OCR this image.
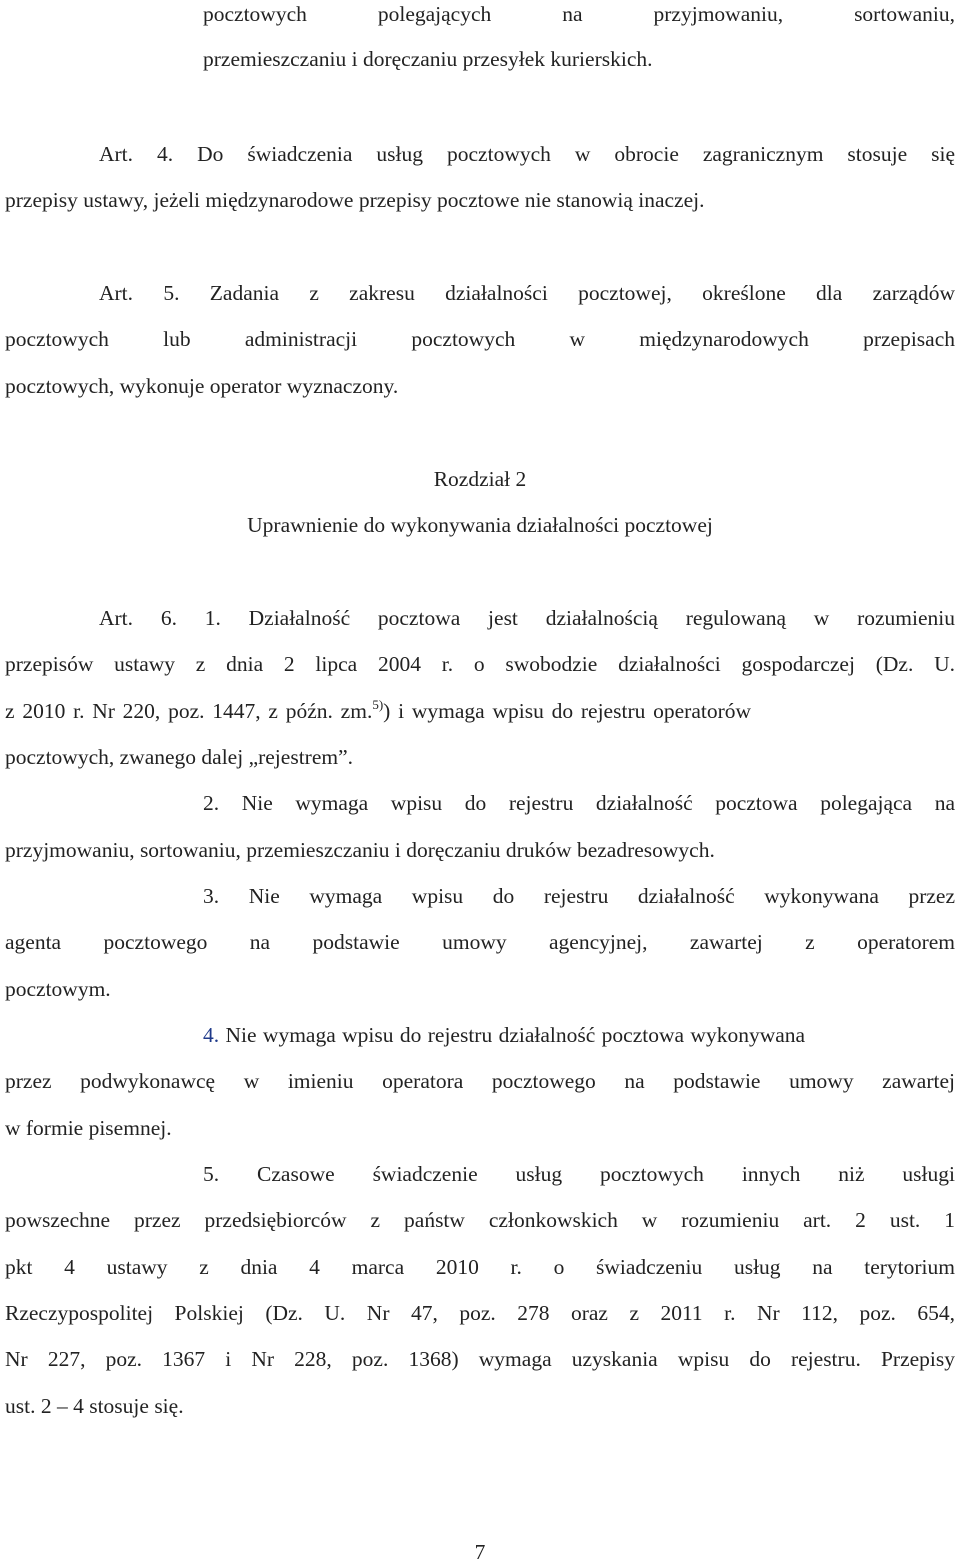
pocztowych polegających na przyjmowaniu, sortowaniu,
przemieszczaniu i doręczaniu przesyłek kurierskich.
Art. 4. Do świadczenia usług pocztowych w obrocie zagranicznym stosuje się
przepisy ustawy, jeżeli międzynarodowe przepisy pocztowe nie stanowią inaczej.
Art. 5. Zadania z zakresu działalności pocztowej, określone dla zarządów
pocztowych lub administracji pocztowych w międzynarodowych przepisach
pocztowych, wykonuje operator wyznaczony.
Rozdział 2
Uprawnienie do wykonywania działalności pocztowej
Art. 6. 1. Działalność pocztowa jest działalnością regulowaną w rozumieniu
przepisów ustawy z dnia 2 lipca 2004 r. o swobodzie działalności gospodarczej (Dz. U.
z 2010 r. Nr 220, poz. 1447, z późn. zm.$^{5)}$) i wymaga wpisu do rejestru operatorów
pocztowych, zwanego dalej „rejestrem”.
2. Nie wymaga wpisu do rejestru działalność pocztowa polegająca na
przyjmowaniu, sortowaniu, przemieszczaniu i doręczaniu druków bezadresowych.
3. Nie wymaga wpisu do rejestru działalność wykonywana przez
agenta pocztowego na podstawie umowy agencyjnej, zawartej z operatorem
pocztowym.
4. Nie wymaga wpisu do rejestru działalność pocztowa wykonywana
przez podwykonawcę w imieniu operatora pocztowego na podstawie umowy zawartej
w formie pisemnej.
5. Czasowe świadczenie usług pocztowych innych niż usługi
powszechne przez przedsiębiorców z państw członkowskich w rozumieniu art. 2 ust. 1
pkt 4 ustawy z dnia 4 marca 2010 r. o świadczeniu usług na terytorium
Rzeczypospolitej Polskiej (Dz. U. Nr 47, poz. 278 oraz z 2011 r. Nr 112, poz. 654,
Nr 227, poz. 1367 i Nr 228, poz. 1368) wymaga uzyskania wpisu do rejestru. Przepisy
ust. 2 – 4 stosuje się.
7
